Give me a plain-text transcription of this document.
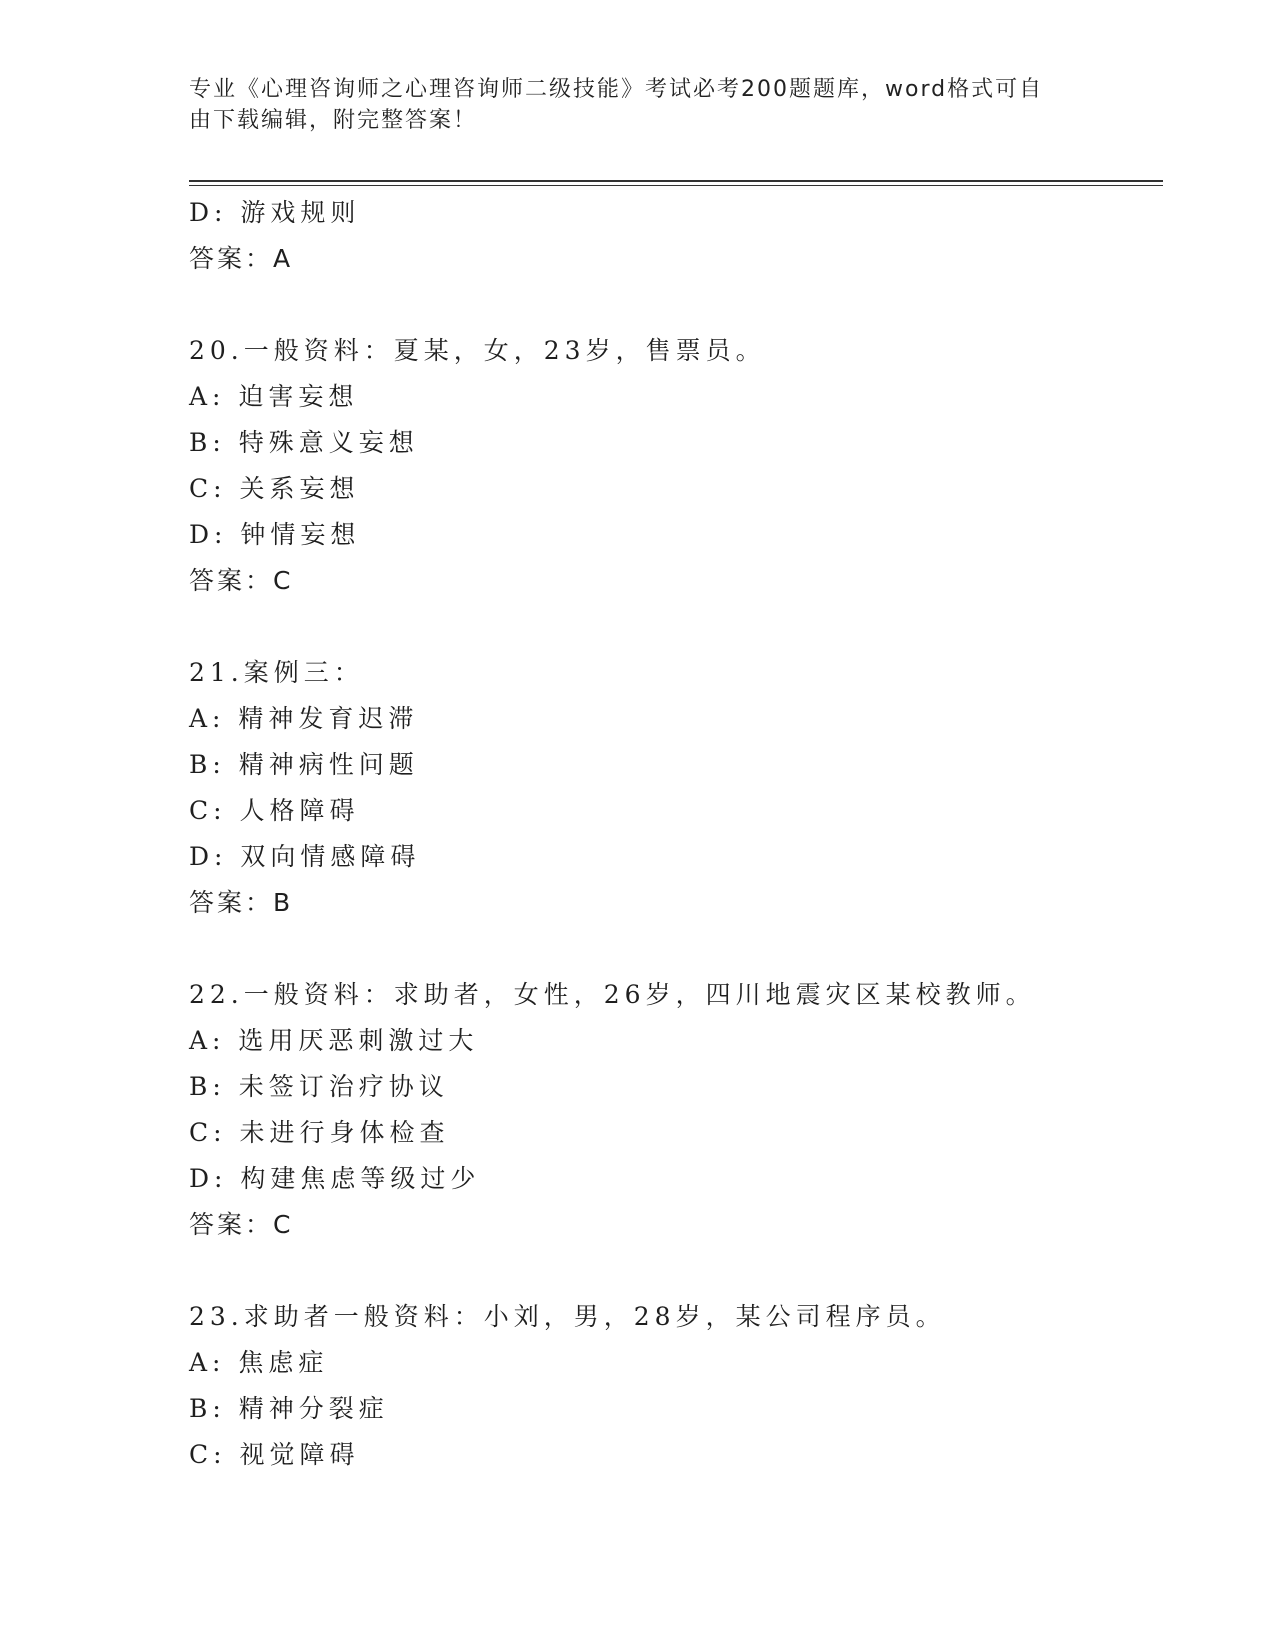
专业《心理咨询师之心理咨询师二级技能》考试必考200题题库，word格式可自
由下载编辑，附完整答案！
D: 游戏规则
答案：A
20.一般资料：夏某，女，23岁，售票员。
A: 迫害妄想
B: 特殊意义妄想
C: 关系妄想
D: 钟情妄想
答案：C
21.案例三：
A: 精神发育迟滞
B: 精神病性问题
C: 人格障碍
D: 双向情感障碍
答案：B
22.一般资料：求助者，女性，26岁，四川地震灾区某校教师。
A: 选用厌恶刺激过大
B: 未签订治疗协议
C: 未进行身体检查
D: 构建焦虑等级过少
答案：C
23.求助者一般资料：小刘，男，28岁，某公司程序员。
A: 焦虑症
B: 精神分裂症
C: 视觉障碍
